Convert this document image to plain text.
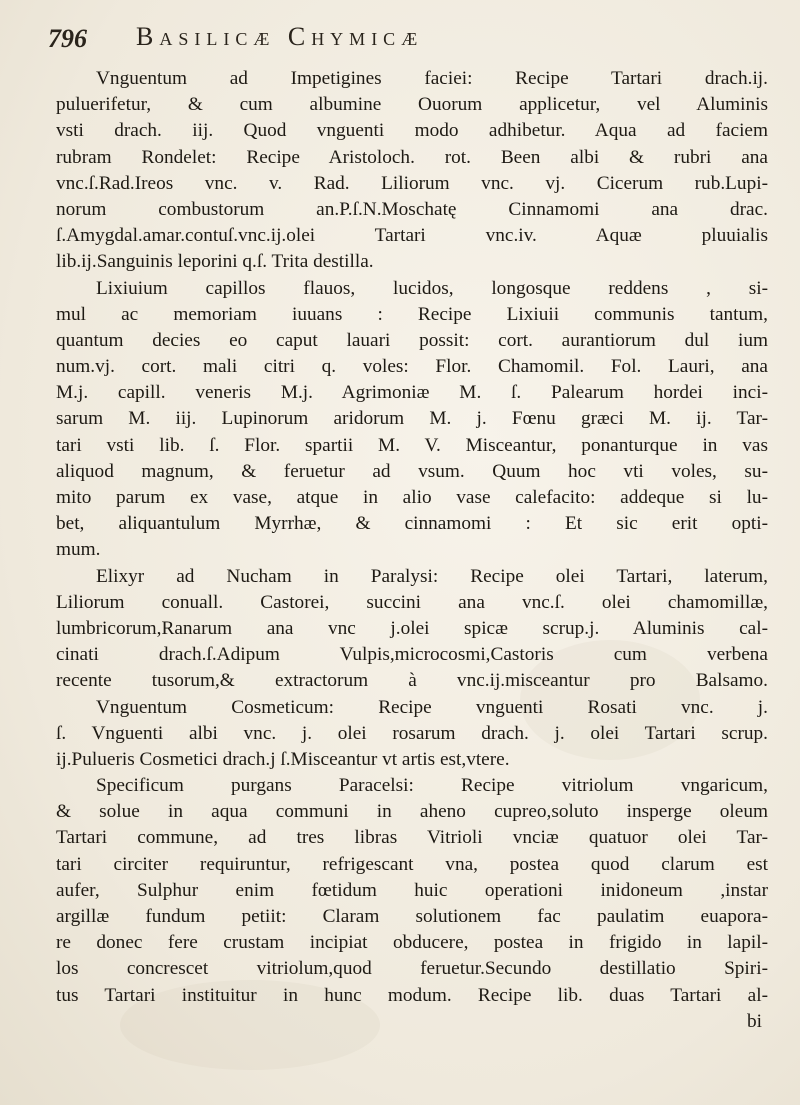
796 Basilicæ Chymicæ
Vnguentum ad Impetigines faciei: Recipe Tartari drach.ij.
puluerifetur, & cum albumine Ouorum applicetur, vel Aluminis
vsti drach. iij. Quod vnguenti modo adhibetur. Aqua ad faciem
rubram Rondelet: Recipe Aristoloch. rot. Been albi & rubri ana
vnc.ſ.Rad.Ireos vnc. v. Rad. Liliorum vnc. vj. Cicerum rub.Lupi-
norum combustorum an.P.ſ.N.Moschatę Cinnamomi ana drac.
ſ.Amygdal.amar.contuſ.vnc.ij.olei Tartari vnc.iv. Aquæ pluuialis
lib.ij.Sanguinis leporini q.ſ. Trita destilla.
Lixiuium capillos flauos, lucidos, longosque reddens , si-
mul ac memoriam iuuans : Recipe Lixiuii communis tantum,
quantum decies eo caput lauari possit: cort. aurantiorum dul ium
num.vj. cort. mali citri q. voles: Flor. Chamomil. Fol. Lauri, ana
M.j. capill. veneris M.j. Agrimoniæ M. ſ. Palearum hordei inci-
sarum M. iij. Lupinorum aridorum M. j. Fœnu græci M. ij. Tar-
tari vsti lib. ſ. Flor. spartii M. V. Misceantur, ponanturque in vas
aliquod magnum, & feruetur ad vsum. Quum hoc vti voles, su-
mito parum ex vase, atque in alio vase calefacito: addeque si lu-
bet, aliquantulum Myrrhæ, & cinnamomi : Et sic erit opti-
mum.
Elixyr ad Nucham in Paralysi: Recipe olei Tartari, laterum,
Liliorum conuall. Castorei, succini ana vnc.ſ. olei chamomillæ,
lumbricorum,Ranarum ana vnc j.olei spicæ scrup.j. Aluminis cal-
cinati drach.ſ.Adipum Vulpis,microcosmi,Castoris cum verbena
recente tusorum,& extractorum à vnc.ij.misceantur pro Balsamo.
Vnguentum Cosmeticum: Recipe vnguenti Rosati vnc. j.
ſ. Vnguenti albi vnc. j. olei rosarum drach. j. olei Tartari scrup.
ij.Pulueris Cosmetici drach.j ſ.Misceantur vt artis est,vtere.
Specificum purgans Paracelsi: Recipe vitriolum vngaricum,
& solue in aqua communi in aheno cupreo,soluto insperge oleum
Tartari commune, ad tres libras Vitrioli vnciæ quatuor olei Tar-
tari circiter requiruntur, refrigescant vna, postea quod clarum est
aufer, Sulphur enim fœtidum huic operationi inidoneum ,instar
argillæ fundum petiit: Claram solutionem fac paulatim euapora-
re donec fere crustam incipiat obducere, postea in frigido in lapil-
los concrescet vitriolum,quod feruetur.Secundo destillatio Spiri-
tus Tartari instituitur in hunc modum. Recipe lib. duas Tartari al-
bi
